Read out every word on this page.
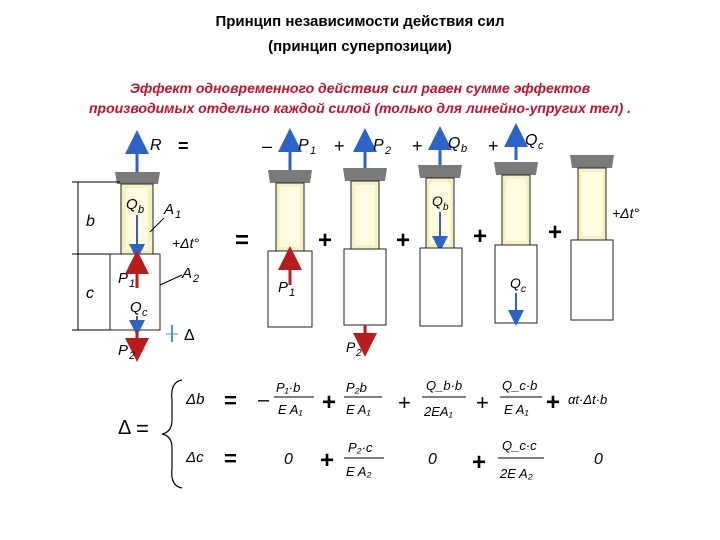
Принцип независимости действия сил
(принцип суперпозиции)
Эффект одновременного действия сил равен сумме эффектов
производимых отдельно каждой силой (только для линейно-упругих тел) .
R =
Q b A 1
+Δt°
P 1
A 2
Q c
P 2
Δ
b
c
– P 1
P 1
=
+ P 2
P 2
+
+ Q b
Q b
+
+ Q c
Q c
+
+Δt°
+
Δ =
Δb = –
P₁·b
E A₁ +
P₂b
E A₁ +
Q_b·b
2EA₁ +
Q_c·b
E A₁ + αt·Δt·b
Δc =	0 + P₂·c
E A₂
0 +
Q_c·c
2E A₂
0
